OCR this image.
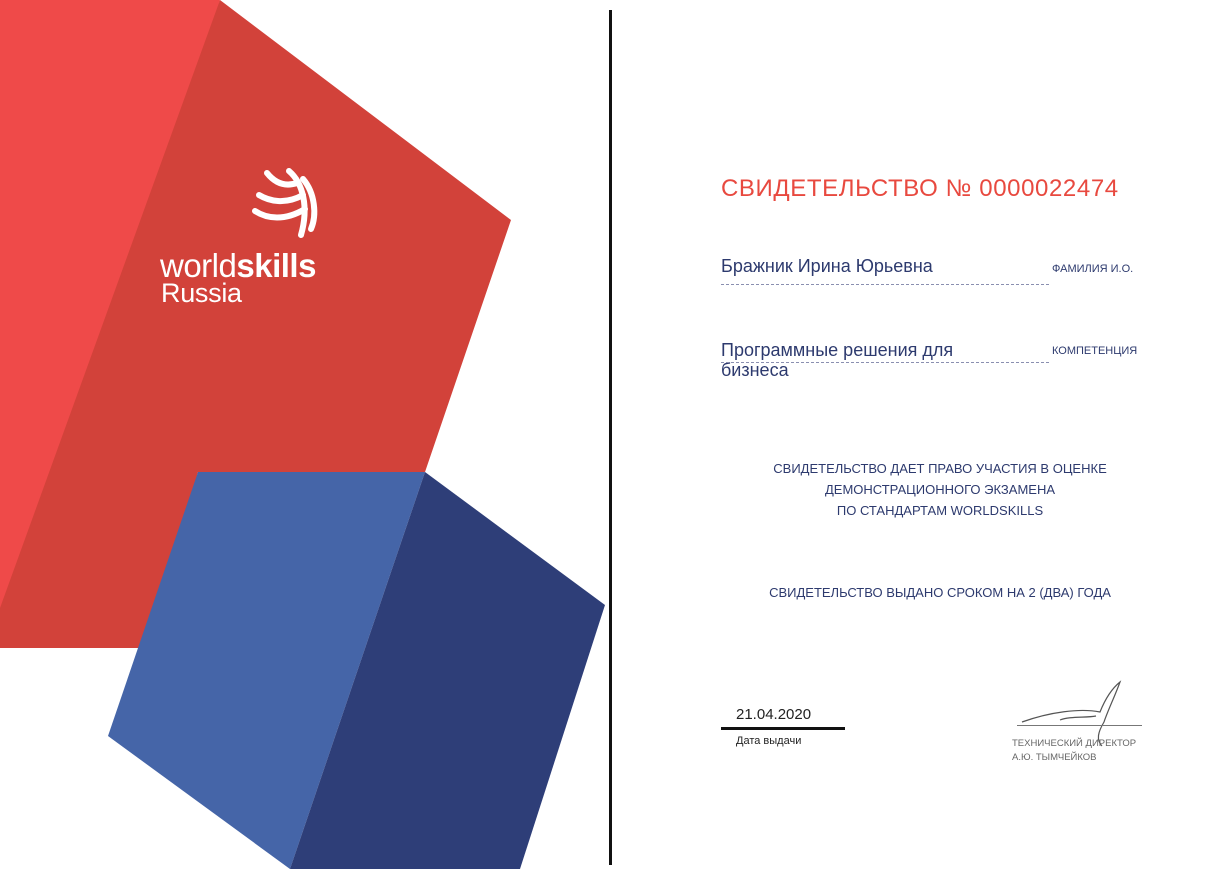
worldskills
Russia
СВИДЕТЕЛЬСТВО № 0000022474
Бражник Ирина Юрьевна	ФАМИЛИЯ И.О.
Программные решения для бизнеса
КОМПЕТЕНЦИЯ
СВИДЕТЕЛЬСТВО ДАЕТ ПРАВО УЧАСТИЯ В ОЦЕНКЕ
ДЕМОНСТРАЦИОННОГО ЭКЗАМЕНА
ПО СТАНДАРТАМ WORLDSKILLS
СВИДЕТЕЛЬСТВО ВЫДАНО СРОКОМ НА 2 (ДВА) ГОДА
21.04.2020
Дата выдачи	ТЕХНИЧЕСКИЙ ДИРЕКТОР
А.Ю. ТЫМЧЕЙКОВ
